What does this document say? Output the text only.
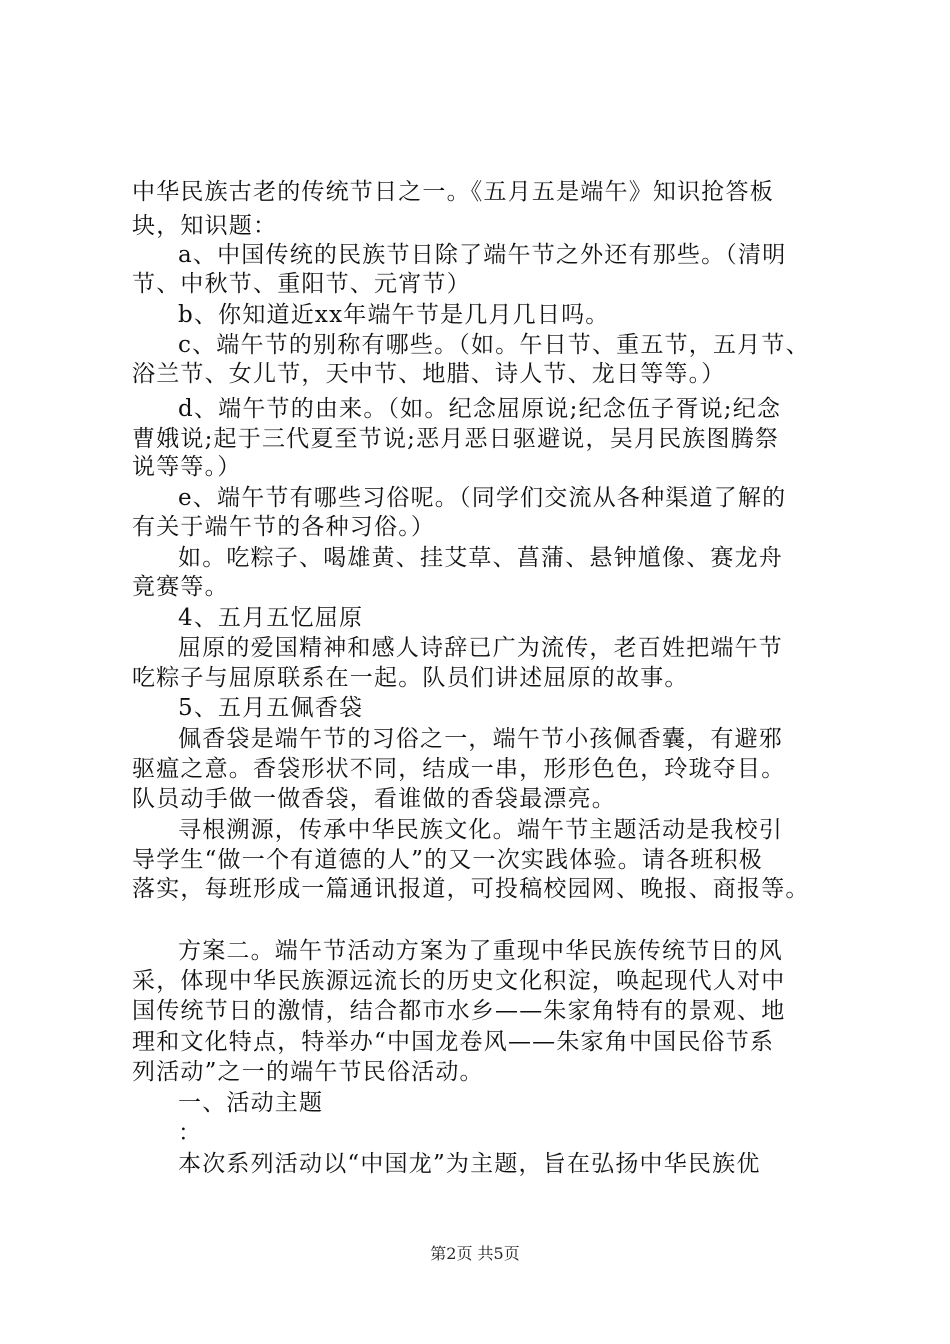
中华民族古老的传统节日之一。《五月五是端午》知识抢答板
块，知识题：
a、中国传统的民族节日除了端午节之外还有那些。（清明
节、中秋节、重阳节、元宵节）
b、你知道近xx年端午节是几月几日吗。
c、端午节的别称有哪些。（如。午日节、重五节，五月节、
浴兰节、女儿节，天中节、地腊、诗人节、龙日等等。）
d、端午节的由来。（如。纪念屈原说;纪念伍子胥说;纪念
曹娥说;起于三代夏至节说;恶月恶日驱避说，吴月民族图腾祭
说等等。）
e、端午节有哪些习俗呢。（同学们交流从各种渠道了解的
有关于端午节的各种习俗。）
如。吃粽子、喝雄黄、挂艾草、菖蒲、悬钟馗像、赛龙舟
竟赛等。
4、五月五忆屈原
屈原的爱国精神和感人诗辞已广为流传，老百姓把端午节
吃粽子与屈原联系在一起。队员们讲述屈原的故事。
5、五月五佩香袋
佩香袋是端午节的习俗之一，端午节小孩佩香囊，有避邪
驱瘟之意。香袋形状不同，结成一串，形形色色，玲珑夺目。
队员动手做一做香袋，看谁做的香袋最漂亮。
寻根溯源，传承中华民族文化。端午节主题活动是我校引
导学生“做一个有道德的人”的又一次实践体验。请各班积极
落实，每班形成一篇通讯报道，可投稿校园网、晚报、商报等。
方案二。端午节活动方案为了重现中华民族传统节日的风
采，体现中华民族源远流长的历史文化积淀，唤起现代人对中
国传统节日的激情，结合都市水乡——朱家角特有的景观、地
理和文化特点，特举办“中国龙卷风——朱家角中国民俗节系
列活动”之一的端午节民俗活动。
一、活动主题
：
本次系列活动以“中国龙”为主题，旨在弘扬中华民族优
第2页 共5页
